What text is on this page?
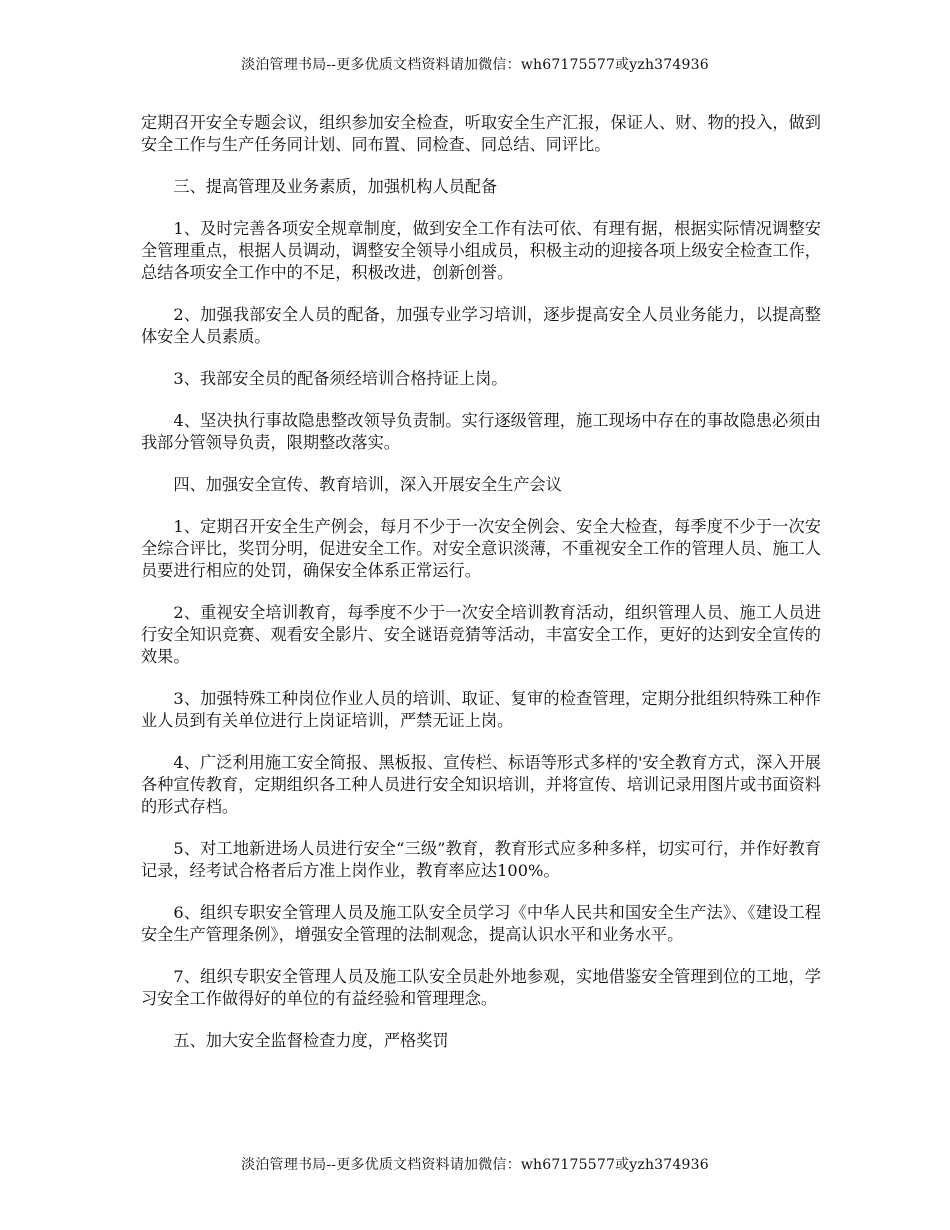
淡泊管理书局--更多优质文档资料请加微信：wh67175577或yzh374936

定期召开安全专题会议，组织参加安全检查，听取安全生产汇报，保证人、财、物的投入，做到安全工作与生产任务同计划、同布置、同检查、同总结、同评比。

三、提高管理及业务素质，加强机构人员配备

1、及时完善各项安全规章制度，做到安全工作有法可依、有理有据，根据实际情况调整安全管理重点，根据人员调动，调整安全领导小组成员，积极主动的迎接各项上级安全检查工作，总结各项安全工作中的不足，积极改进，创新创誉。

2、加强我部安全人员的配备，加强专业学习培训，逐步提高安全人员业务能力，以提高整体安全人员素质。

3、我部安全员的配备须经培训合格持证上岗。

4、坚决执行事故隐患整改领导负责制。实行逐级管理，施工现场中存在的事故隐患必须由我部分管领导负责，限期整改落实。

四、加强安全宣传、教育培训，深入开展安全生产会议

1、定期召开安全生产例会，每月不少于一次安全例会、安全大检查，每季度不少于一次安全综合评比，奖罚分明，促进安全工作。对安全意识淡薄，不重视安全工作的管理人员、施工人员要进行相应的处罚，确保安全体系正常运行。

2、重视安全培训教育，每季度不少于一次安全培训教育活动，组织管理人员、施工人员进行安全知识竞赛、观看安全影片、安全谜语竞猜等活动，丰富安全工作，更好的达到安全宣传的效果。

3、加强特殊工种岗位作业人员的培训、取证、复审的检查管理，定期分批组织特殊工种作业人员到有关单位进行上岗证培训，严禁无证上岗。

4、广泛利用施工安全简报、黑板报、宣传栏、标语等形式多样的'安全教育方式，深入开展各种宣传教育，定期组织各工种人员进行安全知识培训，并将宣传、培训记录用图片或书面资料的形式存档。

5、对工地新进场人员进行安全“三级”教育，教育形式应多种多样，切实可行，并作好教育记录，经考试合格者后方准上岗作业，教育率应达100%。

6、组织专职安全管理人员及施工队安全员学习《中华人民共和国安全生产法》、《建设工程安全生产管理条例》，增强安全管理的法制观念，提高认识水平和业务水平。

7、组织专职安全管理人员及施工队安全员赴外地参观，实地借鉴安全管理到位的工地，学习安全工作做得好的单位的有益经验和管理理念。

五、加大安全监督检查力度，严格奖罚

淡泊管理书局--更多优质文档资料请加微信：wh67175577或yzh374936
